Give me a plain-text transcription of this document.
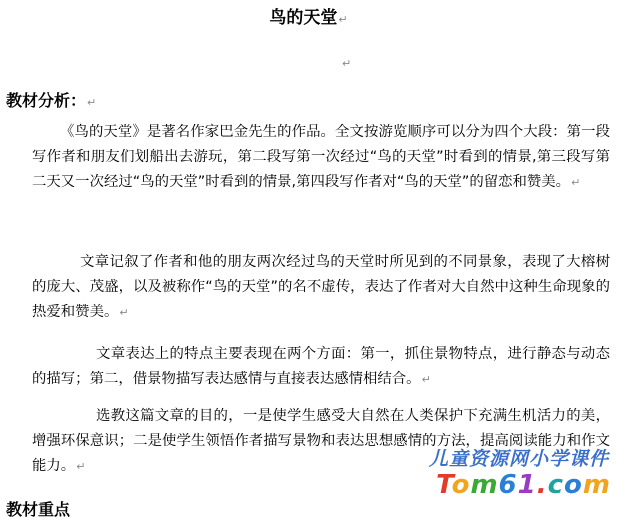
鸟的天堂↵
↵
教材分析：↵
《鸟的天堂》是著名作家巴金先生的作品。全文按游览顺序可以分为四个大段：第一段写作者和朋友们划船出去游玩，第二段写第一次经过“鸟的天堂”时看到的情景,第三段写第二天又一次经过“鸟的天堂”时看到的情景,第四段写作者对“鸟的天堂”的留恋和赞美。↵
文章记叙了作者和他的朋友两次经过鸟的天堂时所见到的不同景象，表现了大榕树的庞大、茂盛，以及被称作“鸟的天堂”的名不虚传，表达了作者对大自然中这种生命现象的热爱和赞美。↵
文章表达上的特点主要表现在两个方面：第一，抓住景物特点，进行静态与动态的描写；第二，借景物描写表达感情与直接表达感情相结合。↵
选教这篇文章的目的，一是使学生感受大自然在人类保护下充满生机活力的美，增强环保意识；二是使学生领悟作者描写景物和表达思想感情的方法，提高阅读能力和作文能力。↵
教材重点
儿童资源网小学课件
Tom61.com
